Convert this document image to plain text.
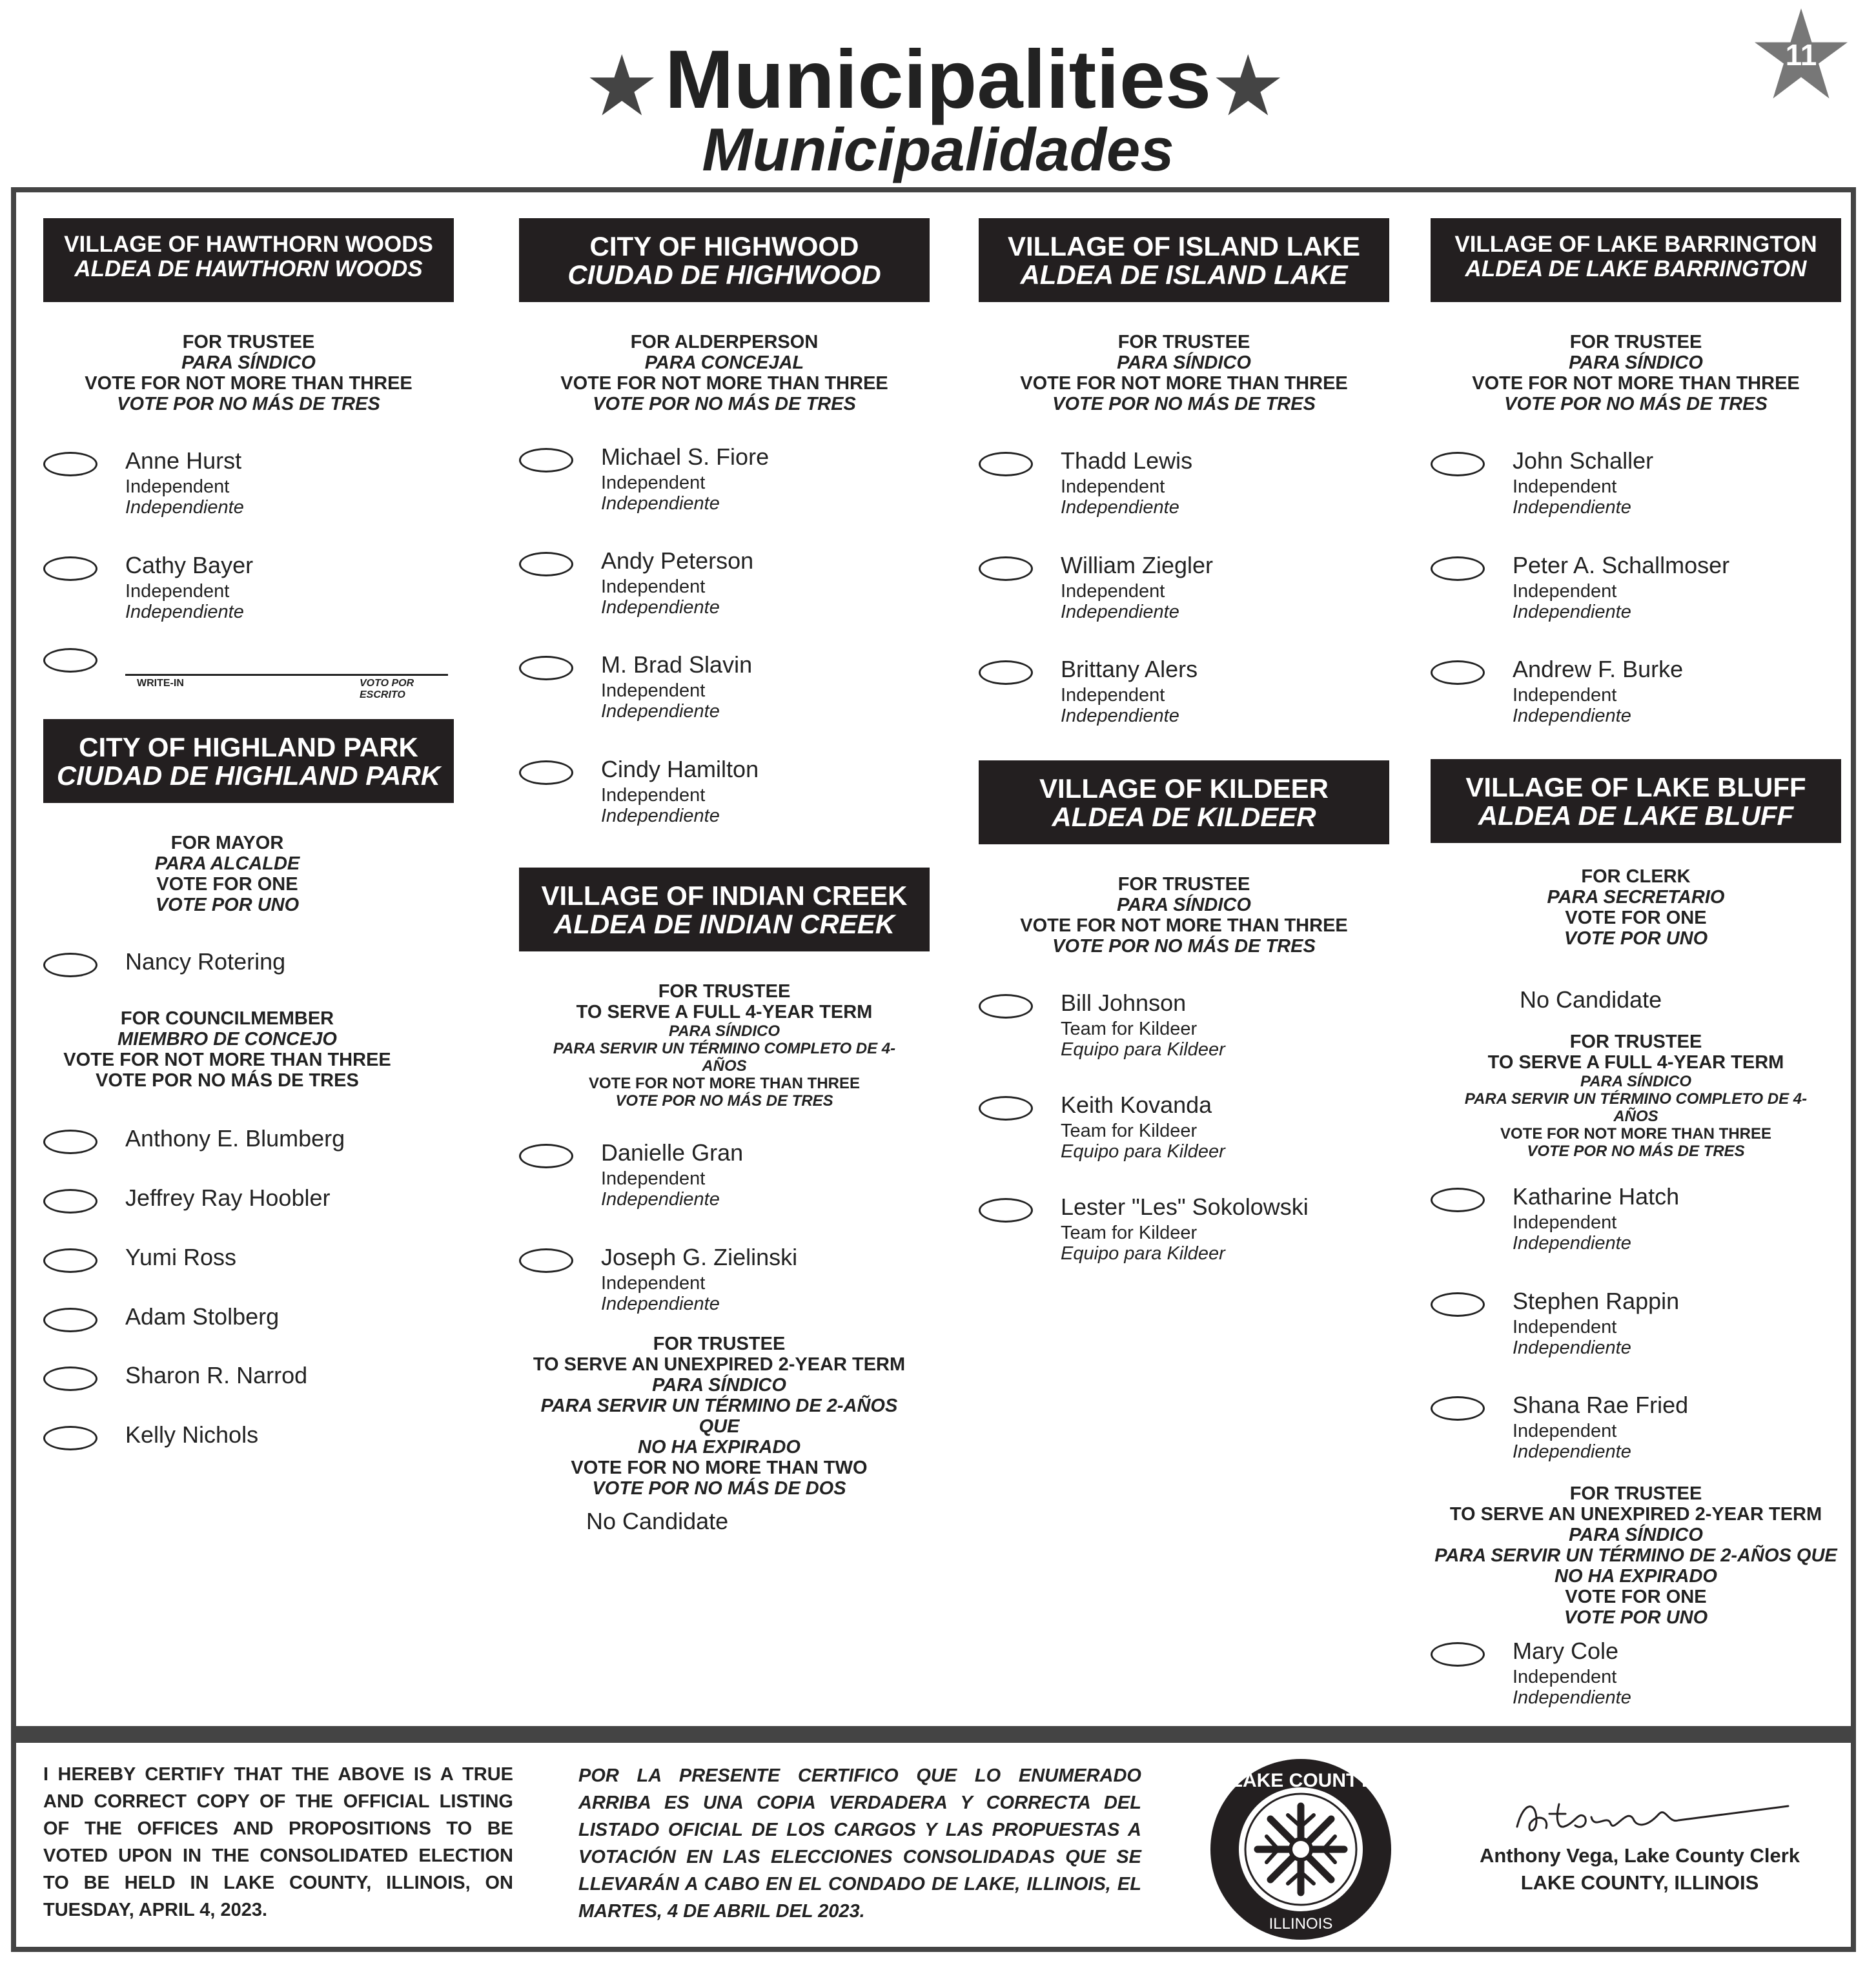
★ Municipalities
Municipalidades
★	11
VILLAGE OF HAWTHORN WOODS
ALDEA DE HAWTHORN WOODS
FOR TRUSTEE
PARA SÍNDICO
VOTE FOR NOT MORE THAN THREE
VOTE POR NO MÁS DE TRES
Anne Hurst
Independent
Independiente
Cathy Bayer
Independent
Independiente
WRITE-IN	VOTO POR ESCRITO
CITY OF HIGHLAND PARK
CIUDAD DE HIGHLAND PARK
FOR MAYOR
PARA ALCALDE
VOTE FOR ONE
VOTE POR UNO
Nancy Rotering
FOR COUNCILMEMBER
MIEMBRO DE CONCEJO
VOTE FOR NOT MORE THAN THREE
VOTE POR NO MÁS DE TRES
Anthony E. Blumberg
Jeffrey Ray Hoobler
Yumi Ross
Adam Stolberg
Sharon R. Narrod
Kelly Nichols
CITY OF HIGHWOOD
CIUDAD DE HIGHWOOD
FOR ALDERPERSON
PARA CONCEJAL
VOTE FOR NOT MORE THAN THREE
VOTE POR NO MÁS DE TRES
Michael S. Fiore
Independent
Independiente
Andy Peterson
Independent
Independiente
M. Brad Slavin
Independent
Independiente
Cindy Hamilton
Independent
Independiente
VILLAGE OF INDIAN CREEK
ALDEA DE INDIAN CREEK
FOR TRUSTEE
TO SERVE A FULL 4-YEAR TERM
PARA SÍNDICO
PARA SERVIR UN TÉRMINO COMPLETO DE 4-
AÑOS
VOTE FOR NOT MORE THAN THREE
VOTE POR NO MÁS DE TRES
Danielle Gran
Independent
Independiente
Joseph G. Zielinski
Independent
Independiente
FOR TRUSTEE
TO SERVE AN UNEXPIRED 2-YEAR TERM
PARA SÍNDICO
PARA SERVIR UN TÉRMINO DE 2-AÑOS QUE
NO HA EXPIRADO
VOTE FOR NO MORE THAN TWO
VOTE POR NO MÁS DE DOS
No Candidate
VILLAGE OF ISLAND LAKE
ALDEA DE ISLAND LAKE
FOR TRUSTEE
PARA SÍNDICO
VOTE FOR NOT MORE THAN THREE
VOTE POR NO MÁS DE TRES
Thadd Lewis
Independent
Independiente
William Ziegler
Independent
Independiente
Brittany Alers
Independent
Independiente
VILLAGE OF KILDEER
ALDEA DE KILDEER
FOR TRUSTEE
PARA SÍNDICO
VOTE FOR NOT MORE THAN THREE
VOTE POR NO MÁS DE TRES
Bill Johnson
Team for Kildeer
Equipo para Kildeer
Keith Kovanda
Team for Kildeer
Equipo para Kildeer
Lester "Les" Sokolowski
Team for Kildeer
Equipo para Kildeer
VILLAGE OF LAKE BARRINGTON
ALDEA DE LAKE BARRINGTON
FOR TRUSTEE
PARA SÍNDICO
VOTE FOR NOT MORE THAN THREE
VOTE POR NO MÁS DE TRES
John Schaller
Independent
Independiente
Peter A. Schallmoser
Independent
Independiente
Andrew F. Burke
Independent
Independiente
VILLAGE OF LAKE BLUFF
ALDEA DE LAKE BLUFF
FOR CLERK
PARA SECRETARIO
VOTE FOR ONE
VOTE POR UNO
No Candidate
FOR TRUSTEE
TO SERVE A FULL 4-YEAR TERM
PARA SÍNDICO
PARA SERVIR UN TÉRMINO COMPLETO DE 4-
AÑOS
VOTE FOR NOT MORE THAN THREE
VOTE POR NO MÁS DE TRES
Katharine Hatch
Independent
Independiente
Stephen Rappin
Independent
Independiente
Shana Rae Fried
Independent
Independiente
FOR TRUSTEE
TO SERVE AN UNEXPIRED 2-YEAR TERM
PARA SÍNDICO
PARA SERVIR UN TÉRMINO DE 2-AÑOS QUE
NO HA EXPIRADO
VOTE FOR ONE
VOTE POR UNO
Mary Cole
Independent
Independiente
I HEREBY CERTIFY THAT THE ABOVE IS A TRUE AND CORRECT COPY OF THE OFFICIAL LISTING OF THE OFFICES AND PROPOSITIONS TO BE VOTED UPON IN THE CONSOLIDATED ELECTION TO BE HELD IN LAKE COUNTY, ILLINOIS, ON TUESDAY, APRIL 4, 2023.
POR LA PRESENTE CERTIFICO QUE LO ENUMERADO ARRIBA ES UNA COPIA VERDADERA Y CORRECTA DEL LISTADO OFICIAL DE LOS CARGOS Y LAS PROPUESTAS A VOTACIÓN EN LAS ELECCIONES CONSOLIDADAS QUE SE LLEVARÁN A CABO EN EL CONDADO DE LAKE, ILLINOIS, EL MARTES, 4 DE ABRIL DEL 2023.
LAKE COUNTY
ILLINOIS
Anthony Vega, Lake County Clerk
LAKE COUNTY, ILLINOIS
